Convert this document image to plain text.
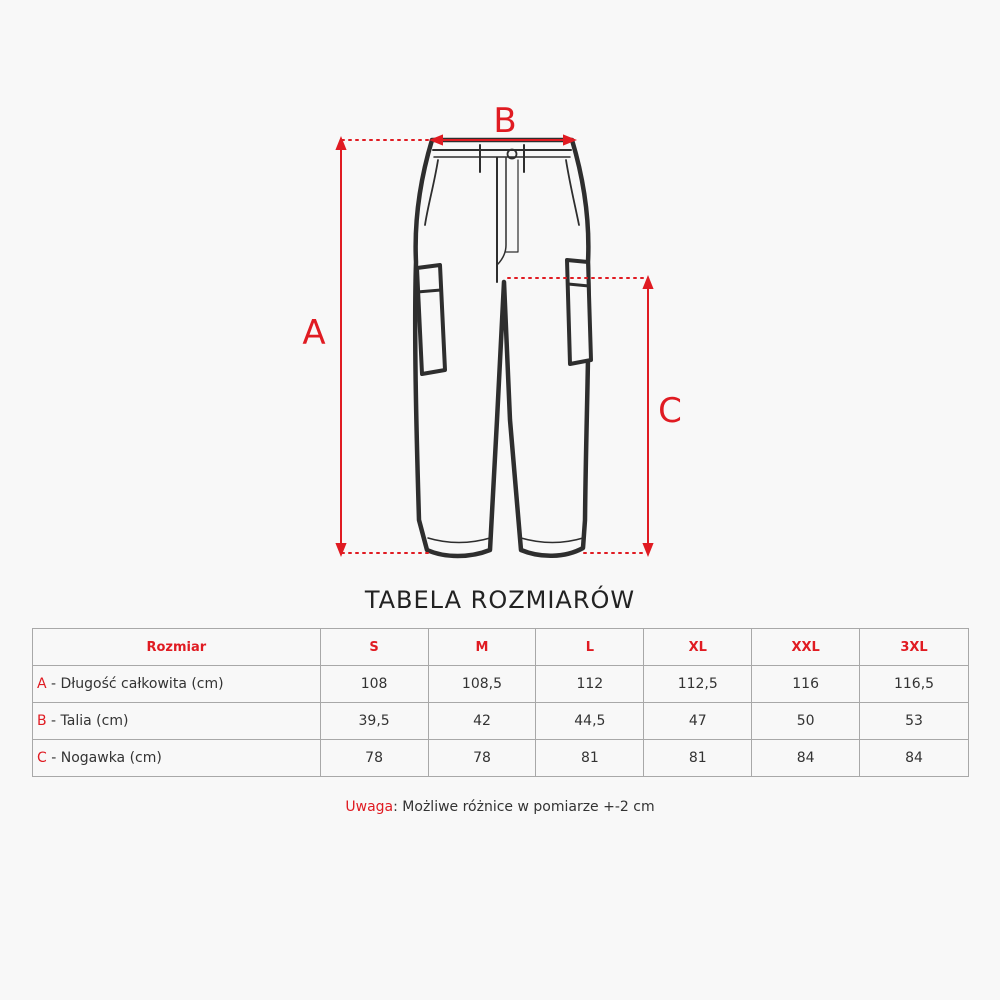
A
B
C
TABELA ROZMIARÓW
Rozmiar	S	M	L	XL	XXL	3XL
A - Długość całkowita (cm)	108	108,5	112	112,5	116	116,5
B - Talia (cm)	39,5	42	44,5	47	50	53
C - Nogawka (cm)	78	78	81	81	84	84
Uwaga: Możliwe różnice w pomiarze +-2 cm
